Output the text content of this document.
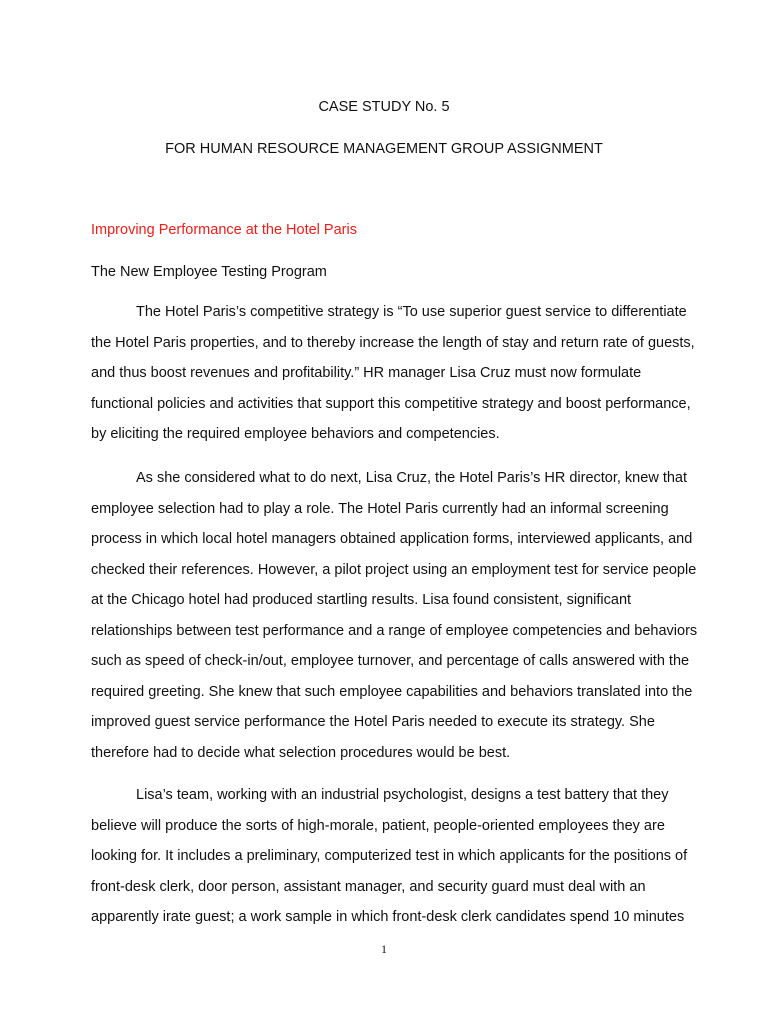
CASE STUDY No. 5
FOR HUMAN RESOURCE MANAGEMENT GROUP ASSIGNMENT
Improving Performance at the Hotel Paris
The New Employee Testing Program

The Hotel Paris’s competitive strategy is “To use superior guest service to differentiate
the Hotel Paris properties, and to thereby increase the length of stay and return rate of guests,
and thus boost revenues and profitability.” HR manager Lisa Cruz must now formulate
functional policies and activities that support this competitive strategy and boost performance,
by eliciting the required employee behaviors and competencies.

As she considered what to do next, Lisa Cruz, the Hotel Paris’s HR director, knew that
employee selection had to play a role. The Hotel Paris currently had an informal screening
process in which local hotel managers obtained application forms, interviewed applicants, and
checked their references. However, a pilot project using an employment test for service people
at the Chicago hotel had produced startling results. Lisa found consistent, significant
relationships between test performance and a range of employee competencies and behaviors
such as speed of check-in/out, employee turnover, and percentage of calls answered with the
required greeting. She knew that such employee capabilities and behaviors translated into the
improved guest service performance the Hotel Paris needed to execute its strategy. She
therefore had to decide what selection procedures would be best.

Lisa’s team, working with an industrial psychologist, designs a test battery that they
believe will produce the sorts of high-morale, patient, people-oriented employees they are
looking for. It includes a preliminary, computerized test in which applicants for the positions of
front-desk clerk, door person, assistant manager, and security guard must deal with an
apparently irate guest; a work sample in which front-desk clerk candidates spend 10 minutes

1
